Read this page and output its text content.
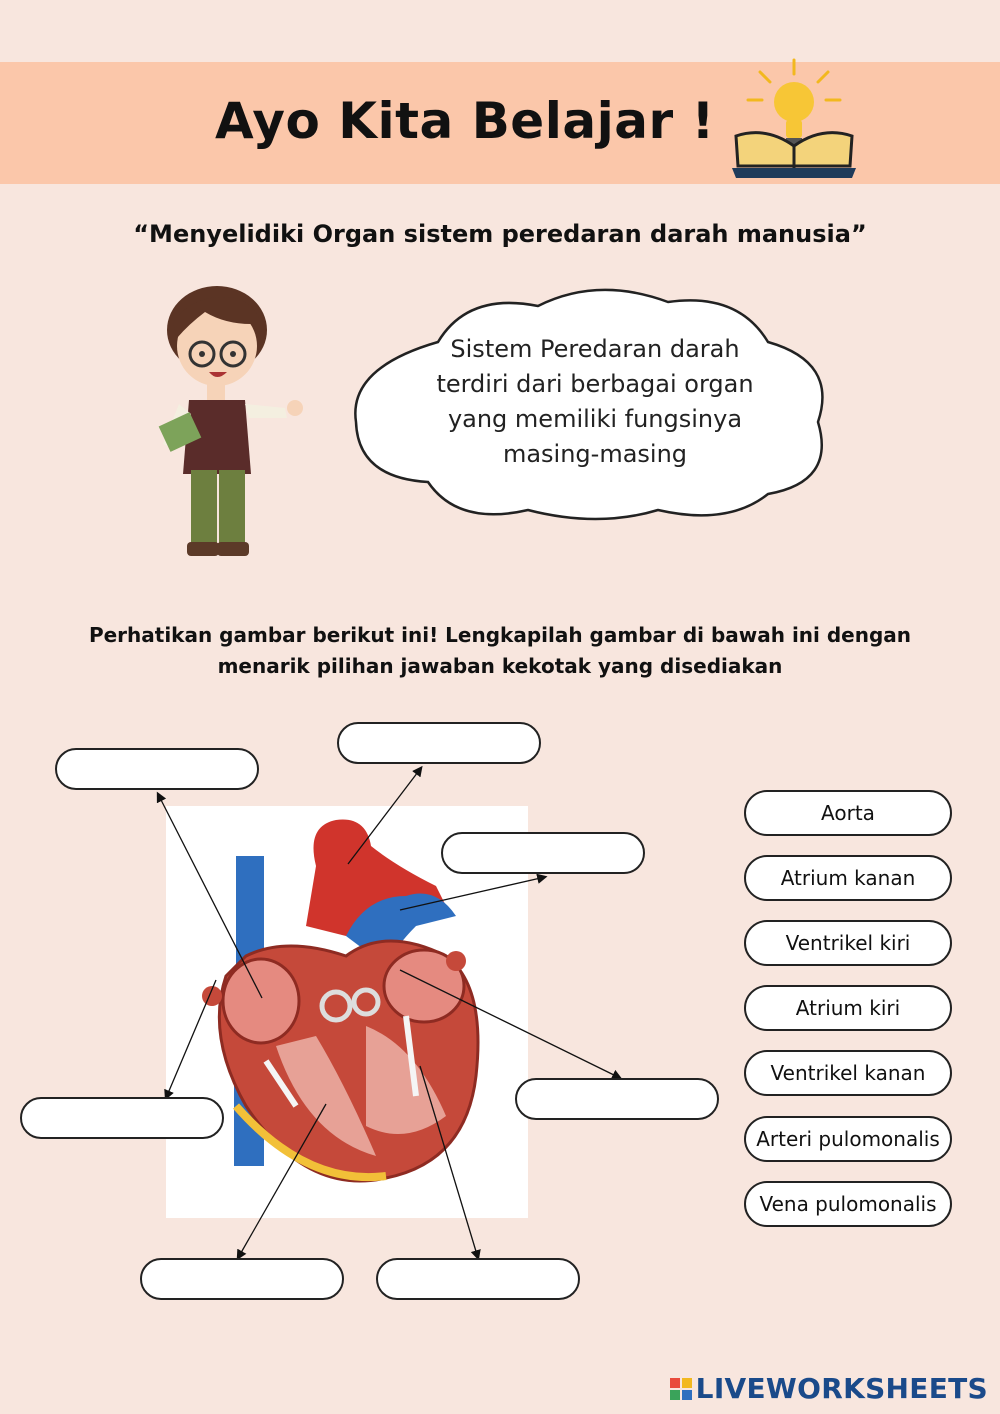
Ayo Kita Belajar !
“Menyelidiki Organ sistem peredaran darah manusia”
Sistem Peredaran darah
terdiri dari berbagai organ
yang memiliki fungsinya
masing-masing
Perhatikan gambar berikut ini! Lengkapilah gambar di bawah ini dengan
menarik pilihan jawaban kekotak yang disediakan
Aorta
Atrium kanan
Ventrikel kiri
Atrium kiri
Ventrikel kanan
Arteri pulomonalis
Vena pulomonalis
LIVEWORKSHEETS
